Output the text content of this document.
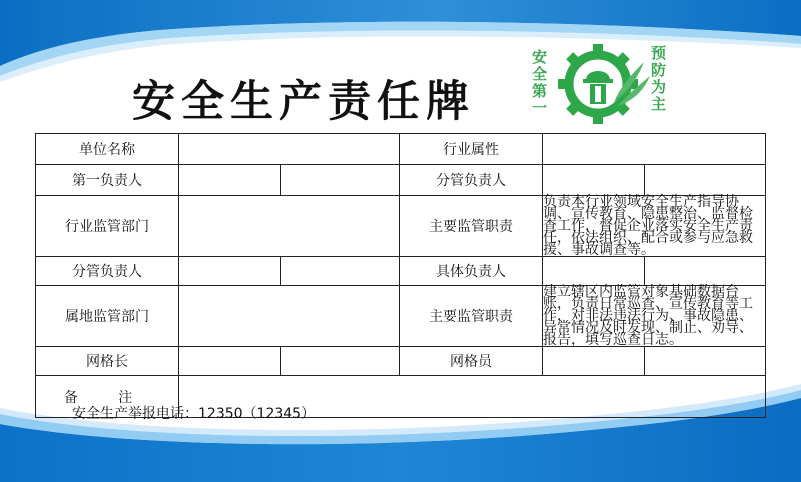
安全生产责任牌
安全第一
预防为主
单位名称			行业属性		
第一负责人			分管负责人		
行业监管部门			主要监管职责	负责本行业领域安全生产指导协调、宣传教育、隐患整治、监督检查工作，督促企业落实安全生产责任，依法组织、配合或参与应急救援、事故调查等。	
分管负责人			具体负责人		
属地监管部门			主要监管职责	建立辖区内监管对象基础数据台账，负责日常巡查、宣传教育等工作，对非法违法行为、事故隐患、异常情况及时发现、制止、劝导、报告，填写巡查日志。	
网格长			网格员		
备 注					
安全生产举报电话：12350（12345）
